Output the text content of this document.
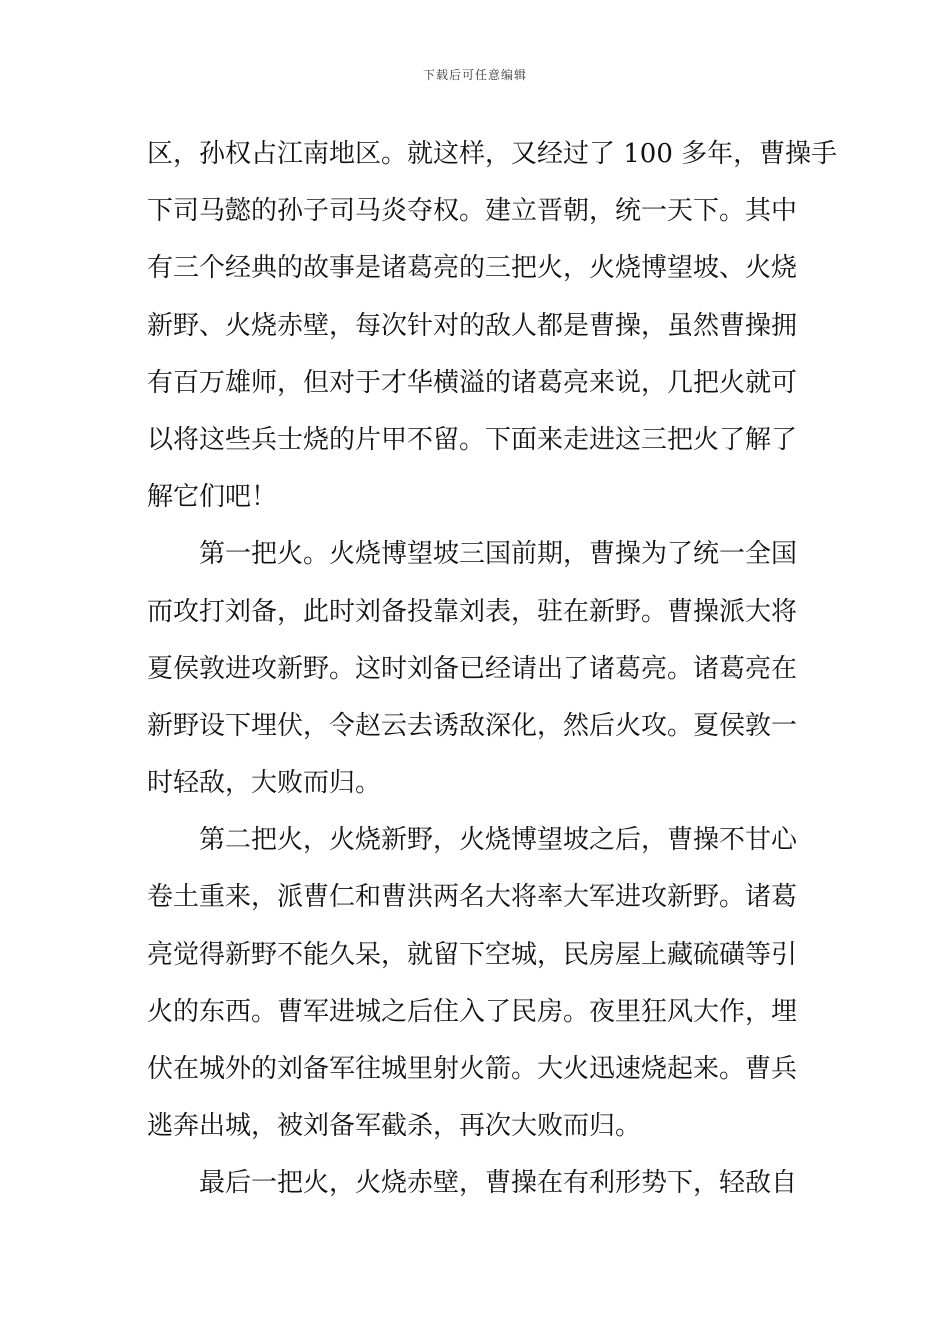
下载后可任意编辑
区，孙权占江南地区。就这样，又经过了 100 多年，曹操手
下司马懿的孙子司马炎夺权。建立晋朝，统一天下。其中
有三个经典的故事是诸葛亮的三把火，火烧博望坡、火烧
新野、火烧赤壁，每次针对的敌人都是曹操，虽然曹操拥
有百万雄师，但对于才华横溢的诸葛亮来说，几把火就可
以将这些兵士烧的片甲不留。下面来走进这三把火了解了
解它们吧！
第一把火。火烧博望坡三国前期，曹操为了统一全国
而攻打刘备，此时刘备投靠刘表，驻在新野。曹操派大将
夏侯敦进攻新野。这时刘备已经请出了诸葛亮。诸葛亮在
新野设下埋伏，令赵云去诱敌深化，然后火攻。夏侯敦一
时轻敌，大败而归。
第二把火，火烧新野，火烧博望坡之后，曹操不甘心
卷土重来，派曹仁和曹洪两名大将率大军进攻新野。诸葛
亮觉得新野不能久呆，就留下空城，民房屋上藏硫磺等引
火的东西。曹军进城之后住入了民房。夜里狂风大作，埋
伏在城外的刘备军往城里射火箭。大火迅速烧起来。曹兵
逃奔出城，被刘备军截杀，再次大败而归。
最后一把火，火烧赤壁，曹操在有利形势下，轻敌自
